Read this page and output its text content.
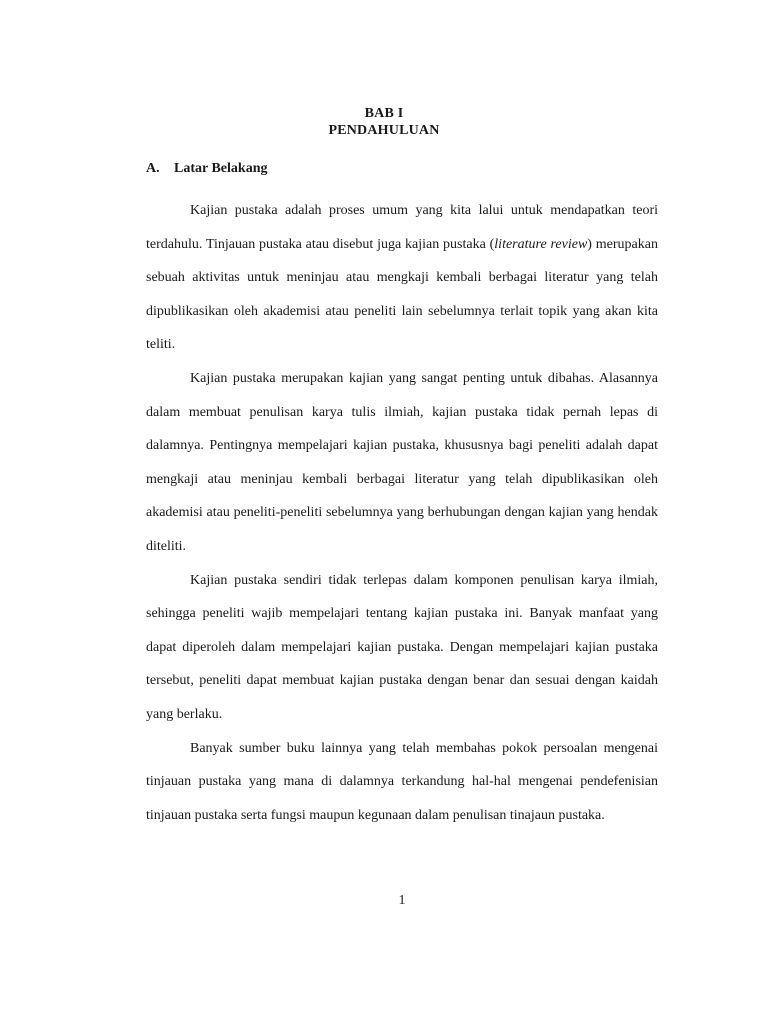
BAB I
PENDAHULUAN
A. Latar Belakang

Kajian pustaka adalah proses umum yang kita lalui untuk mendapatkan teori terdahulu. Tinjauan pustaka atau disebut juga kajian pustaka (literature review) merupakan sebuah aktivitas untuk meninjau atau mengkaji kembali berbagai literatur yang telah dipublikasikan oleh akademisi atau peneliti lain sebelumnya terlait topik yang akan kita teliti.

Kajian pustaka merupakan kajian yang sangat penting untuk dibahas. Alasannya dalam membuat penulisan karya tulis ilmiah, kajian pustaka tidak pernah lepas di dalamnya. Pentingnya mempelajari kajian pustaka, khususnya bagi peneliti adalah dapat mengkaji atau meninjau kembali berbagai literatur yang telah dipublikasikan oleh akademisi atau peneliti-peneliti sebelumnya yang berhubungan dengan kajian yang hendak diteliti.

Kajian pustaka sendiri tidak terlepas dalam komponen penulisan karya ilmiah, sehingga peneliti wajib mempelajari tentang kajian pustaka ini. Banyak manfaat yang dapat diperoleh dalam mempelajari kajian pustaka. Dengan mempelajari kajian pustaka tersebut, peneliti dapat membuat kajian pustaka dengan benar dan sesuai dengan kaidah yang berlaku.

Banyak sumber buku lainnya yang telah membahas pokok persoalan mengenai tinjauan pustaka yang mana di dalamnya terkandung hal-hal mengenai pendefenisian tinjauan pustaka serta fungsi maupun kegunaan dalam penulisan tinajaun pustaka.

1
